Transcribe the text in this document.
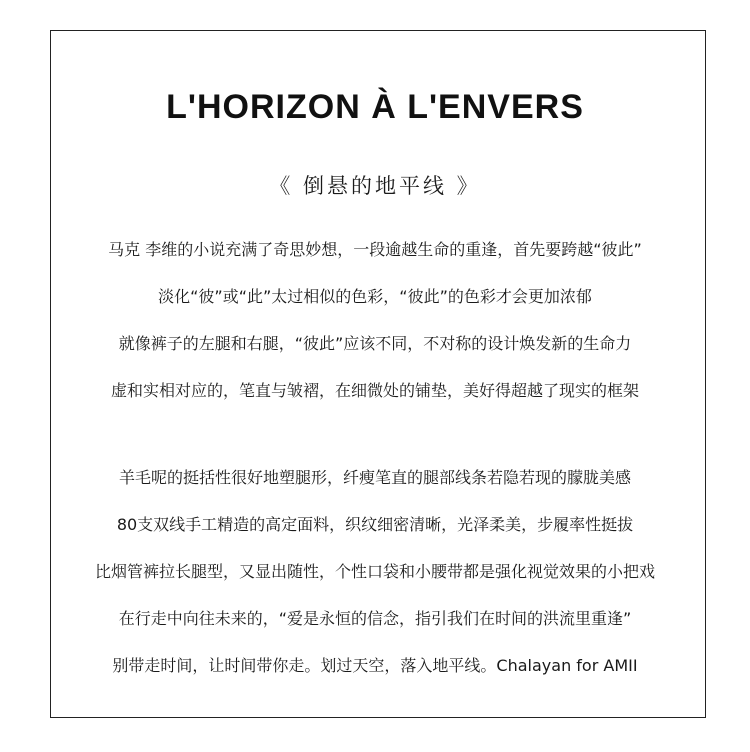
L'HORIZON À L'ENVERS
《 倒悬的地平线 》
马克 李维的小说充满了奇思妙想，一段逾越生命的重逢，首先要跨越“彼此”
淡化“彼”或“此”太过相似的色彩，“彼此”的色彩才会更加浓郁
就像裤子的左腿和右腿，“彼此”应该不同，不对称的设计焕发新的生命力
虚和实相对应的，笔直与皱褶，在细微处的铺垫，美好得超越了现实的框架
羊毛呢的挺括性很好地塑腿形，纤瘦笔直的腿部线条若隐若现的朦胧美感
80支双线手工精造的高定面料，织纹细密清晰，光泽柔美，步履率性挺拔
比烟管裤拉长腿型，又显出随性，个性口袋和小腰带都是强化视觉效果的小把戏
在行走中向往未来的，“爱是永恒的信念，指引我们在时间的洪流里重逢”
别带走时间，让时间带你走。划过天空，落入地平线。Chalayan for AMII
